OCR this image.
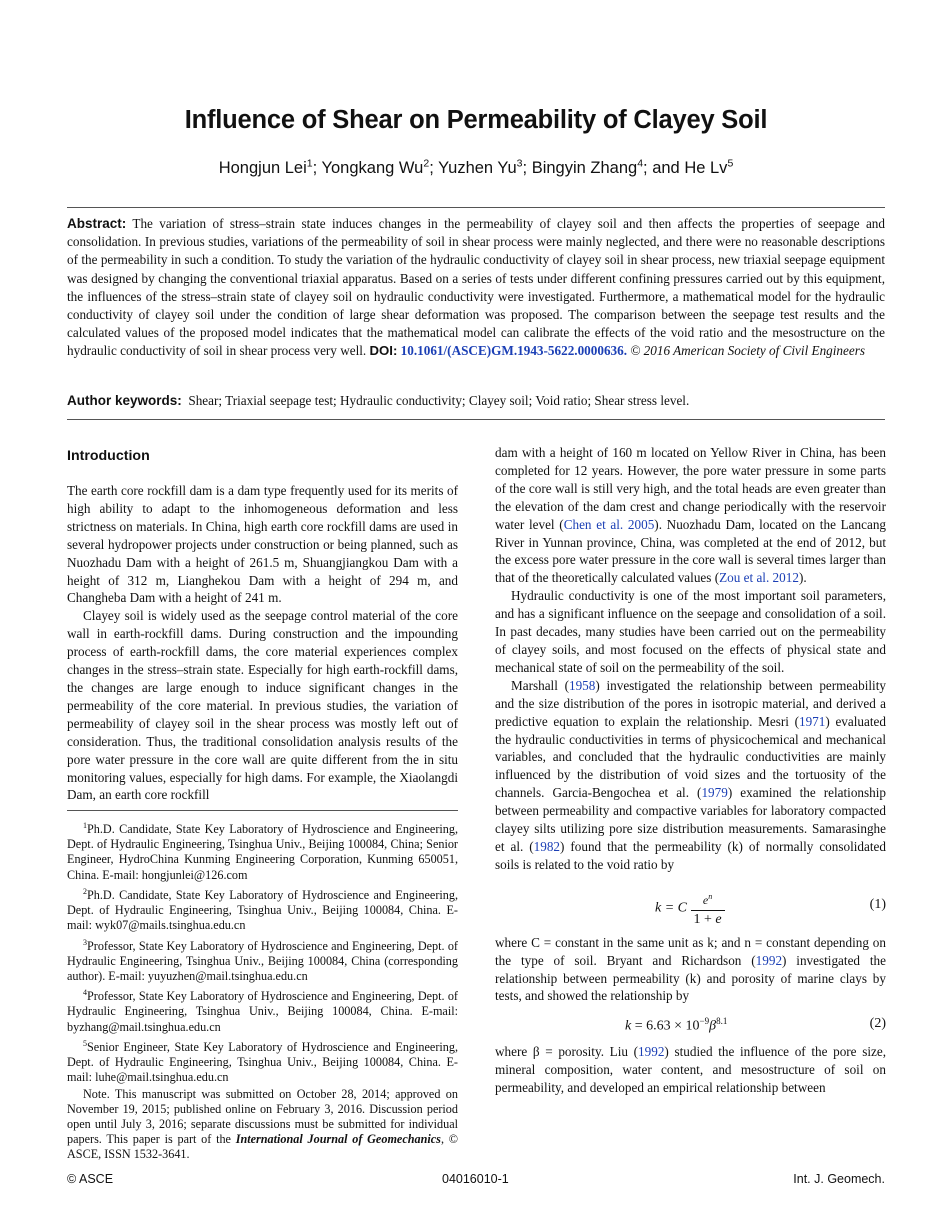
Influence of Shear on Permeability of Clayey Soil
Hongjun Lei$^1$; Yongkang Wu$^2$; Yuzhen Yu$^3$; Bingyin Zhang$^4$; and He Lv$^5$
Abstract: The variation of stress–strain state induces changes in the permeability of clayey soil and then affects the properties of seepage and consolidation. In previous studies, variations of the permeability of soil in shear process were mainly neglected, and there were no reasonable descriptions of the permeability in such a condition. To study the variation of the hydraulic conductivity of clayey soil in shear process, new triaxial seepage equipment was designed by changing the conventional triaxial apparatus. Based on a series of tests under different confining pressures carried out by this equipment, the influences of the stress–strain state of clayey soil on hydraulic conductivity were investigated. Furthermore, a mathematical model for the hydraulic conductivity of clayey soil under the condition of large shear deformation was proposed. The comparison between the seepage test results and the calculated values of the proposed model indicates that the mathematical model can calibrate the effects of the void ratio and the mesostructure on the hydraulic conductivity of soil in shear process very well. DOI: 10.1061/(ASCE)GM.1943-5622.0000636. © 2016 American Society of Civil Engineers
Author keywords: Shear; Triaxial seepage test; Hydraulic conductivity; Clayey soil; Void ratio; Shear stress level.
Introduction

The earth core rockfill dam is a dam type frequently used for its merits of high ability to adapt to the inhomogeneous deformation and less strictness on materials. In China, high earth core rockfill dams are used in several hydropower projects under construction or being planned, such as Nuozhadu Dam with a height of 261.5 m, Shuangjiangkou Dam with a height of 312 m, Lianghekou Dam with a height of 294 m, and Changheba Dam with a height of 241 m.

Clayey soil is widely used as the seepage control material of the core wall in earth-rockfill dams. During construction and the impounding process of earth-rockfill dams, the core material experiences complex changes in the stress–strain state. Especially for high earth-rockfill dams, the changes are large enough to induce significant changes in the permeability of the core material. In previous studies, the variation of permeability of clayey soil in the shear process was mostly left out of consideration. Thus, the traditional consolidation analysis results of the pore water pressure in the core wall are quite different from the in situ monitoring values, especially for high dams. For example, the Xiaolangdi Dam, an earth core rockfill

$^1$Ph.D. Candidate, State Key Laboratory of Hydroscience and Engineering, Dept. of Hydraulic Engineering, Tsinghua Univ., Beijing 100084, China; Senior Engineer, HydroChina Kunming Engineering Corporation, Kunming 650051, China. E-mail: hongjunlei@126.com

$^2$Ph.D. Candidate, State Key Laboratory of Hydroscience and Engineering, Dept. of Hydraulic Engineering, Tsinghua Univ., Beijing 100084, China. E-mail: wyk07@mails.tsinghua.edu.cn

$^3$Professor, State Key Laboratory of Hydroscience and Engineering, Dept. of Hydraulic Engineering, Tsinghua Univ., Beijing 100084, China (corresponding author). E-mail: yuyuzhen@mail.tsinghua.edu.cn

$^4$Professor, State Key Laboratory of Hydroscience and Engineering, Dept. of Hydraulic Engineering, Tsinghua Univ., Beijing 100084, China. E-mail: byzhang@mail.tsinghua.edu.cn

$^5$Senior Engineer, State Key Laboratory of Hydroscience and Engineering, Dept. of Hydraulic Engineering, Tsinghua Univ., Beijing 100084, China. E-mail: luhe@mail.tsinghua.edu.cn

Note. This manuscript was submitted on October 28, 2014; approved on November 19, 2015; published online on February 3, 2016. Discussion period open until July 3, 2016; separate discussions must be submitted for individual papers. This paper is part of the International Journal of Geomechanics, © ASCE, ISSN 1532-3641.

dam with a height of 160 m located on Yellow River in China, has been completed for 12 years. However, the pore water pressure in some parts of the core wall is still very high, and the total heads are even greater than the elevation of the dam crest and change periodically with the reservoir water level (Chen et al. 2005). Nuozhadu Dam, located on the Lancang River in Yunnan province, China, was completed at the end of 2012, but the excess pore water pressure in the core wall is several times larger than that of the theoretically calculated values (Zou et al. 2012).

Hydraulic conductivity is one of the most important soil parameters, and has a significant influence on the seepage and consolidation of a soil. In past decades, many studies have been carried out on the permeability of clayey soils, and most focused on the effects of physical state and mechanical state of soil on the permeability of the soil.

Marshall (1958) investigated the relationship between permeability and the size distribution of the pores in isotropic material, and derived a predictive equation to explain the relationship. Mesri (1971) evaluated the hydraulic conductivities in terms of physicochemical and mechanical variables, and concluded that the hydraulic conductivities are mainly influenced by the distribution of void sizes and the tortuosity of the channels. Garcia-Bengochea et al. (1979) examined the relationship between permeability and compactive variables for laboratory compacted clayey silts utilizing pore size distribution measurements. Samarasinghe et al. (1982) found that the permeability (k) of normally consolidated soils is related to the void ratio by

k = C $\frac{e^n}{1 + e}$	(1)

where C = constant in the same unit as k; and n = constant depending on the type of soil. Bryant and Richardson (1992) investigated the relationship between permeability (k) and porosity of marine clays by tests, and showed the relationship by

$k = 6.63 \times 10^{-9}\beta^{8.1}$	(2)

where β = porosity. Liu (1992) studied the influence of the pore size, mineral composition, water content, and mesostructure of soil on permeability, and developed an empirical relationship between

© ASCE	04016010-1	Int. J. Geomech.
